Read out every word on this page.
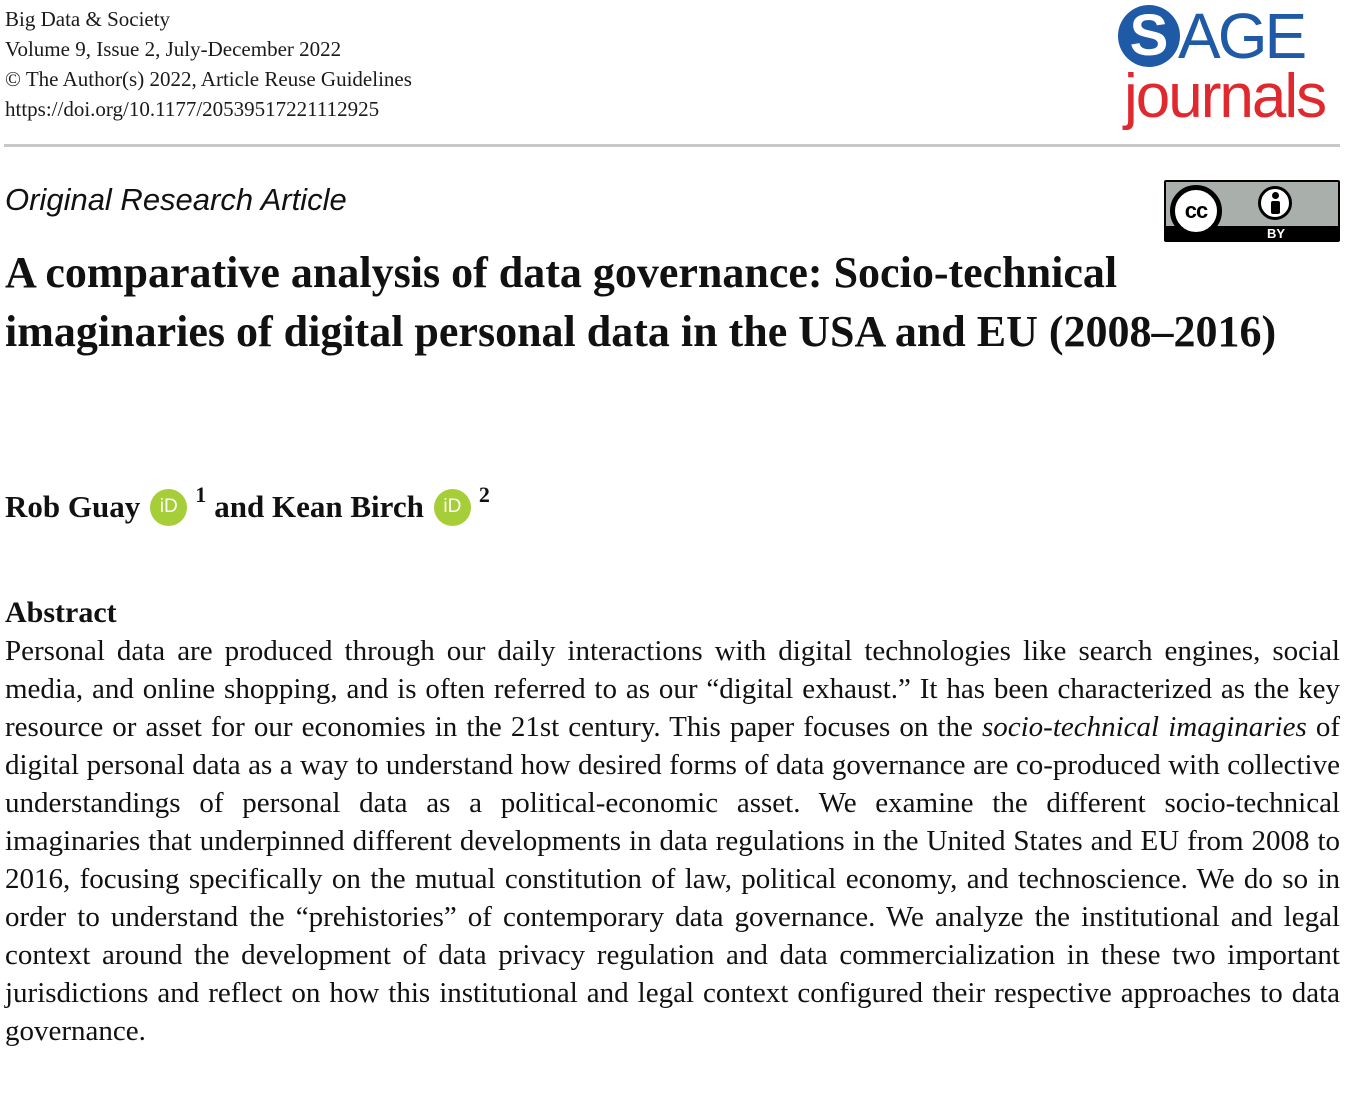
Big Data & Society
Volume 9, Issue 2, July-December 2022
© The Author(s) 2022, Article Reuse Guidelines
https://doi.org/10.1177/20539517221112925
S AGE
journals
Original Research Article	cc
BY
A comparative analysis of data governance: Socio-technical imaginaries of digital personal data in the USA and EU (2008–2016)
Rob Guay	iD 1 and
Kean Birch	iD 2
Abstract

Personal data are produced through our daily interactions with digital technologies like search engines, social media, and online shopping, and is often referred to as our “digital exhaust.” It has been characterized as the key resource or asset for our economies in the 21st century. This paper focuses on the socio-technical imaginaries of digital personal data as a way to understand how desired forms of data governance are co-produced with collective understandings of personal data as a political-economic asset. We examine the different socio-technical imaginaries that underpinned different developments in data regulations in the United States and EU from 2008 to 2016, focusing specifically on the mutual constitution of law, political economy, and technoscience. We do so in order to understand the “prehistories” of contemporary data governance. We analyze the institutional and legal context around the development of data privacy regulation and data commercialization in these two important jurisdictions and reflect on how this institutional and legal context configured their respective approaches to data governance.
